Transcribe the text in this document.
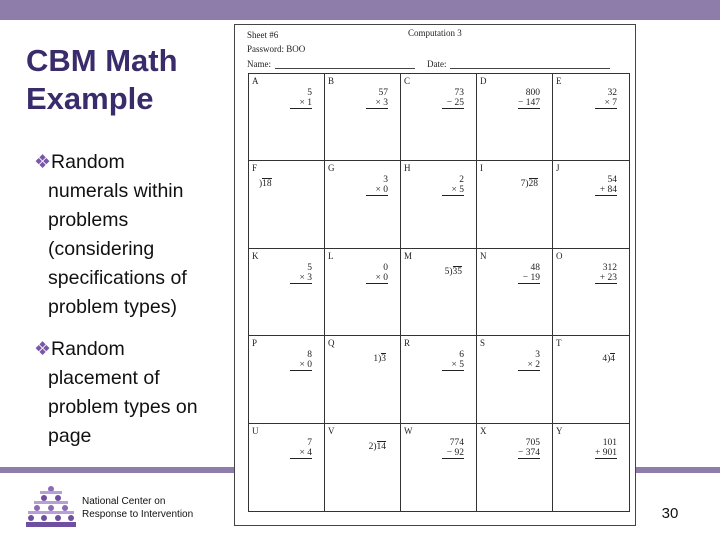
CBM Math
Example
❖Random
numerals within
problems
(considering
specifications of
problem types)
❖Random
placement of
problem types on
page
Sheet #6
Password: BOO
Name:
Computation 3
Date:
A
5
× 1
B
57
× 3
C
73
− 25
D
800
− 147
E
32
× 7
F
)18
G
3
× 0
H
2
× 5
I
7)28
J
54
+ 84
K
5
× 3
L
0
× 0
M
5)35
N
48
− 19
O
312
+ 23
P
8
× 0
Q
1)3
R
6
× 5
S
3
× 2
T
4)4
U
7
× 4
V
2)14
W
774
− 92
X
705
− 374
Y
101
+ 901
National Center on
Response to Intervention	30
